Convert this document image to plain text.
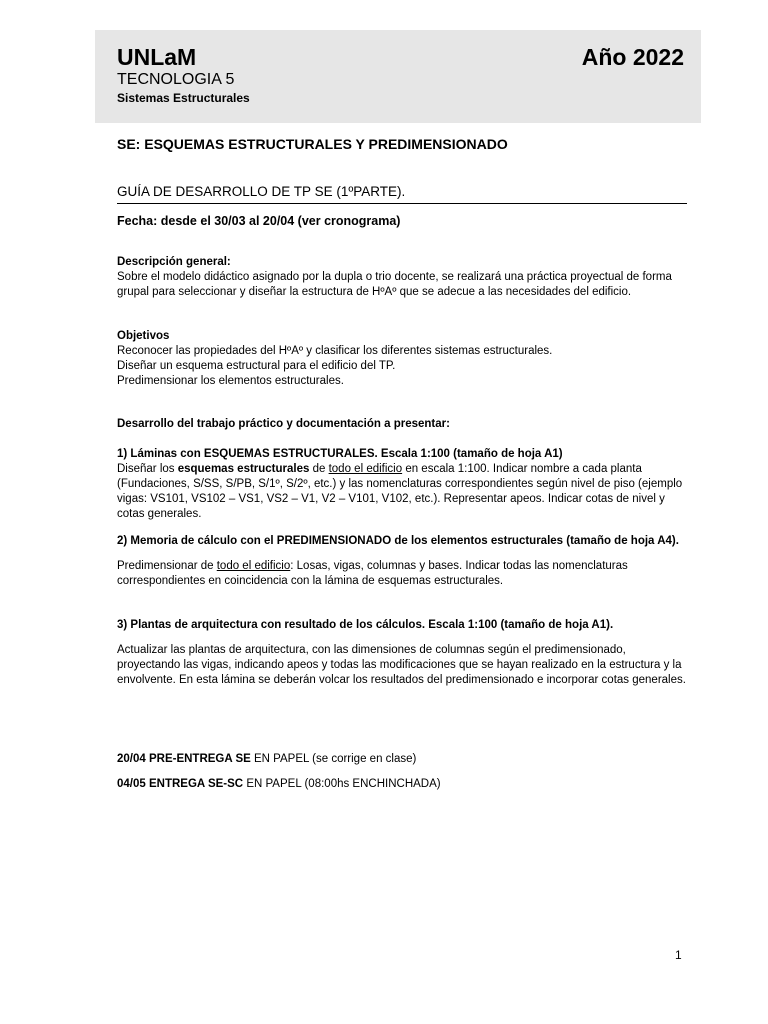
UNLaM	Año 2022
TECNOLOGIA 5
Sistemas Estructurales
SE: ESQUEMAS ESTRUCTURALES Y PREDIMENSIONADO
GUÍA DE DESARROLLO DE TP SE (1ºPARTE).
Fecha: desde el 30/03 al 20/04 (ver cronograma)

Descripción general:

Sobre el modelo didáctico asignado por la dupla o trio docente, se realizará una práctica proyectual de forma grupal para seleccionar y diseñar la estructura de HºAº que se adecue a las necesidades del edificio.

Objetivos

Reconocer las propiedades del HºAº y clasificar los diferentes sistemas estructurales.

Diseñar un esquema estructural para el edificio del TP.

Predimensionar los elementos estructurales.

Desarrollo del trabajo práctico y documentación a presentar:

1) Láminas con ESQUEMAS ESTRUCTURALES. Escala 1:100 (tamaño de hoja A1)

Diseñar los esquemas estructurales de todo el edificio en escala 1:100. Indicar nombre a cada planta (Fundaciones, S/SS, S/PB, S/1º, S/2º, etc.) y las nomenclaturas correspondientes según nivel de piso (ejemplo vigas: VS101, VS102 – VS1, VS2 – V1, V2 – V101, V102, etc.). Representar apeos. Indicar cotas de nivel y cotas generales.

2) Memoria de cálculo con el PREDIMENSIONADO de los elementos estructurales (tamaño de hoja A4).

Predimensionar de todo el edificio: Losas, vigas, columnas y bases. Indicar todas las nomenclaturas correspondientes en coincidencia con la lámina de esquemas estructurales.

3) Plantas de arquitectura con resultado de los cálculos. Escala 1:100 (tamaño de hoja A1).

Actualizar las plantas de arquitectura, con las dimensiones de columnas según el predimensionado, proyectando las vigas, indicando apeos y todas las modificaciones que se hayan realizado en la estructura y la envolvente. En esta lámina se deberán volcar los resultados del predimensionado e incorporar cotas generales.

20/04 PRE-ENTREGA SE EN PAPEL (se corrige en clase)
04/05 ENTREGA SE-SC EN PAPEL (08:00hs ENCHINCHADA)
1
